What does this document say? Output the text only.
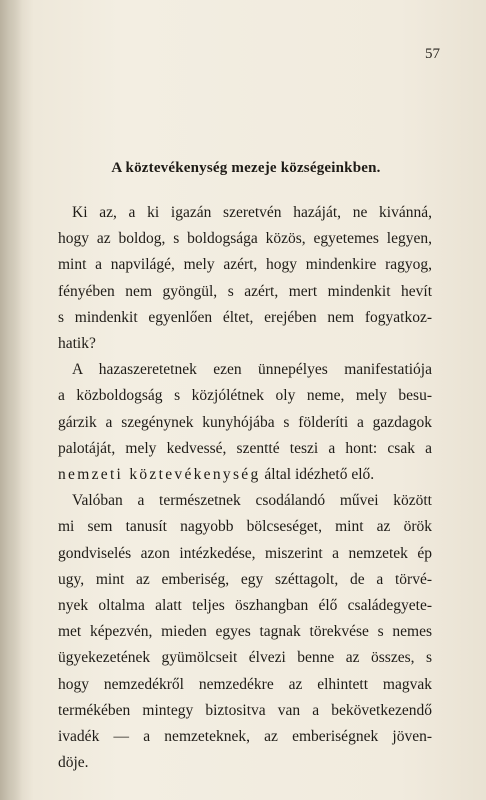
57
A köztevékenység mezeje községeinkben.

Ki az, a ki igazán szeretvén hazáját, ne kivánná,
hogy az boldog, s boldogsága közös, egyetemes legyen,
mint a napvilágé, mely azért, hogy mindenkire ragyog,
fényében nem gyöngül, s azért, mert mindenkit hevít
s mindenkit egyenlően éltet, erejében nem fogyatkoz-
hatik?

A hazaszeretetnek ezen ünnepélyes manifestatiója
a közboldogság s közjólétnek oly neme, mely besu-
gárzik a szegénynek kunyhójába s földeríti a gazdagok
palotáját, mely kedvessé, szentté teszi a hont: csak a
nemzeti köztevékenység által idézhető elő.

Valóban a természetnek csodálandó művei között
mi sem tanusít nagyobb bölcseséget, mint az örök
gondviselés azon intézkedése, miszerint a nemzetek ép
ugy, mint az emberiség, egy széttagolt, de a törvé-
nyek oltalma alatt teljes öszhangban élő családegyete-
met képezvén, mieden egyes tagnak törekvése s nemes
ügyekezetének gyümölcseit élvezi benne az összes, s
hogy nemzedékről nemzedékre az elhintett magvak
termékében mintegy biztositva van a bekövetkezendő
ivadék — a nemzeteknek, az emberiségnek jöven-
döje.
